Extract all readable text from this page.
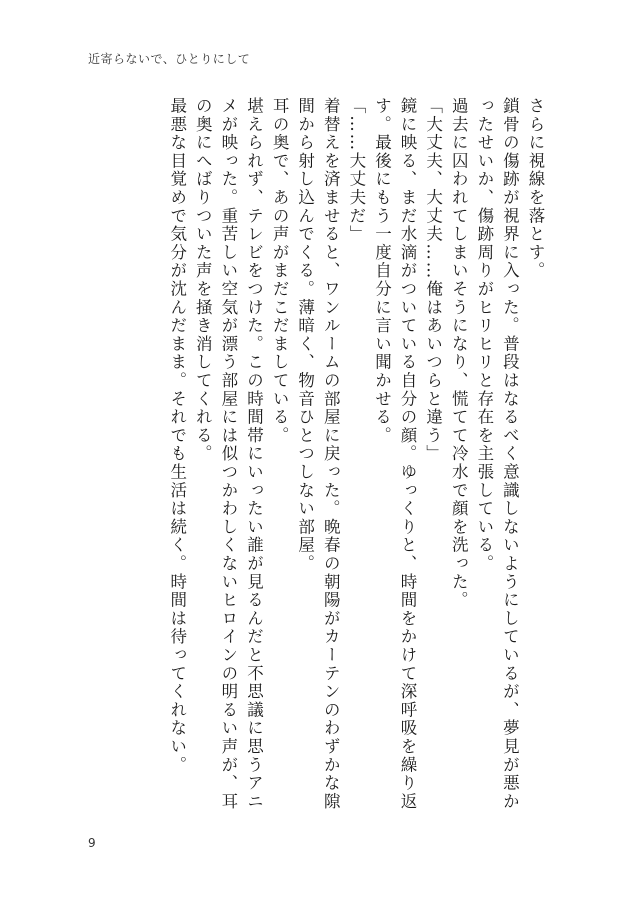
近寄らないで、ひとりにして

さらに視線を落とす。

鎖骨の傷跡が視界に入った。普段はなるべく意識しないようにしているが、夢見が悪かったせいか、傷跡周りがヒリヒリと存在を主張している。

過去に囚われてしまいそうになり、慌てて冷水で顔を洗った。

「大丈夫、大丈夫……俺はあいつらと違う」

鏡に映る、まだ水滴がついている自分の顔。ゆっくりと、時間をかけて深呼吸を繰り返す。最後にもう一度自分に言い聞かせる。

「……大丈夫だ」

着替えを済ませると、ワンルームの部屋に戻った。晩春の朝陽がカーテンのわずかな隙間から射し込んでくる。薄暗く、物音ひとつしない部屋。

耳の奥で、あの声がまだこだましている。

堪えられず、テレビをつけた。この時間帯にいったい誰が見るんだと不思議に思うアニメが映った。重苦しい空気が漂う部屋には似つかわしくないヒロインの明るい声が、耳の奥にへばりついた声を掻き消してくれる。

最悪な目覚めで気分が沈んだまま。それでも生活は続く。時間は待ってくれない。

9
